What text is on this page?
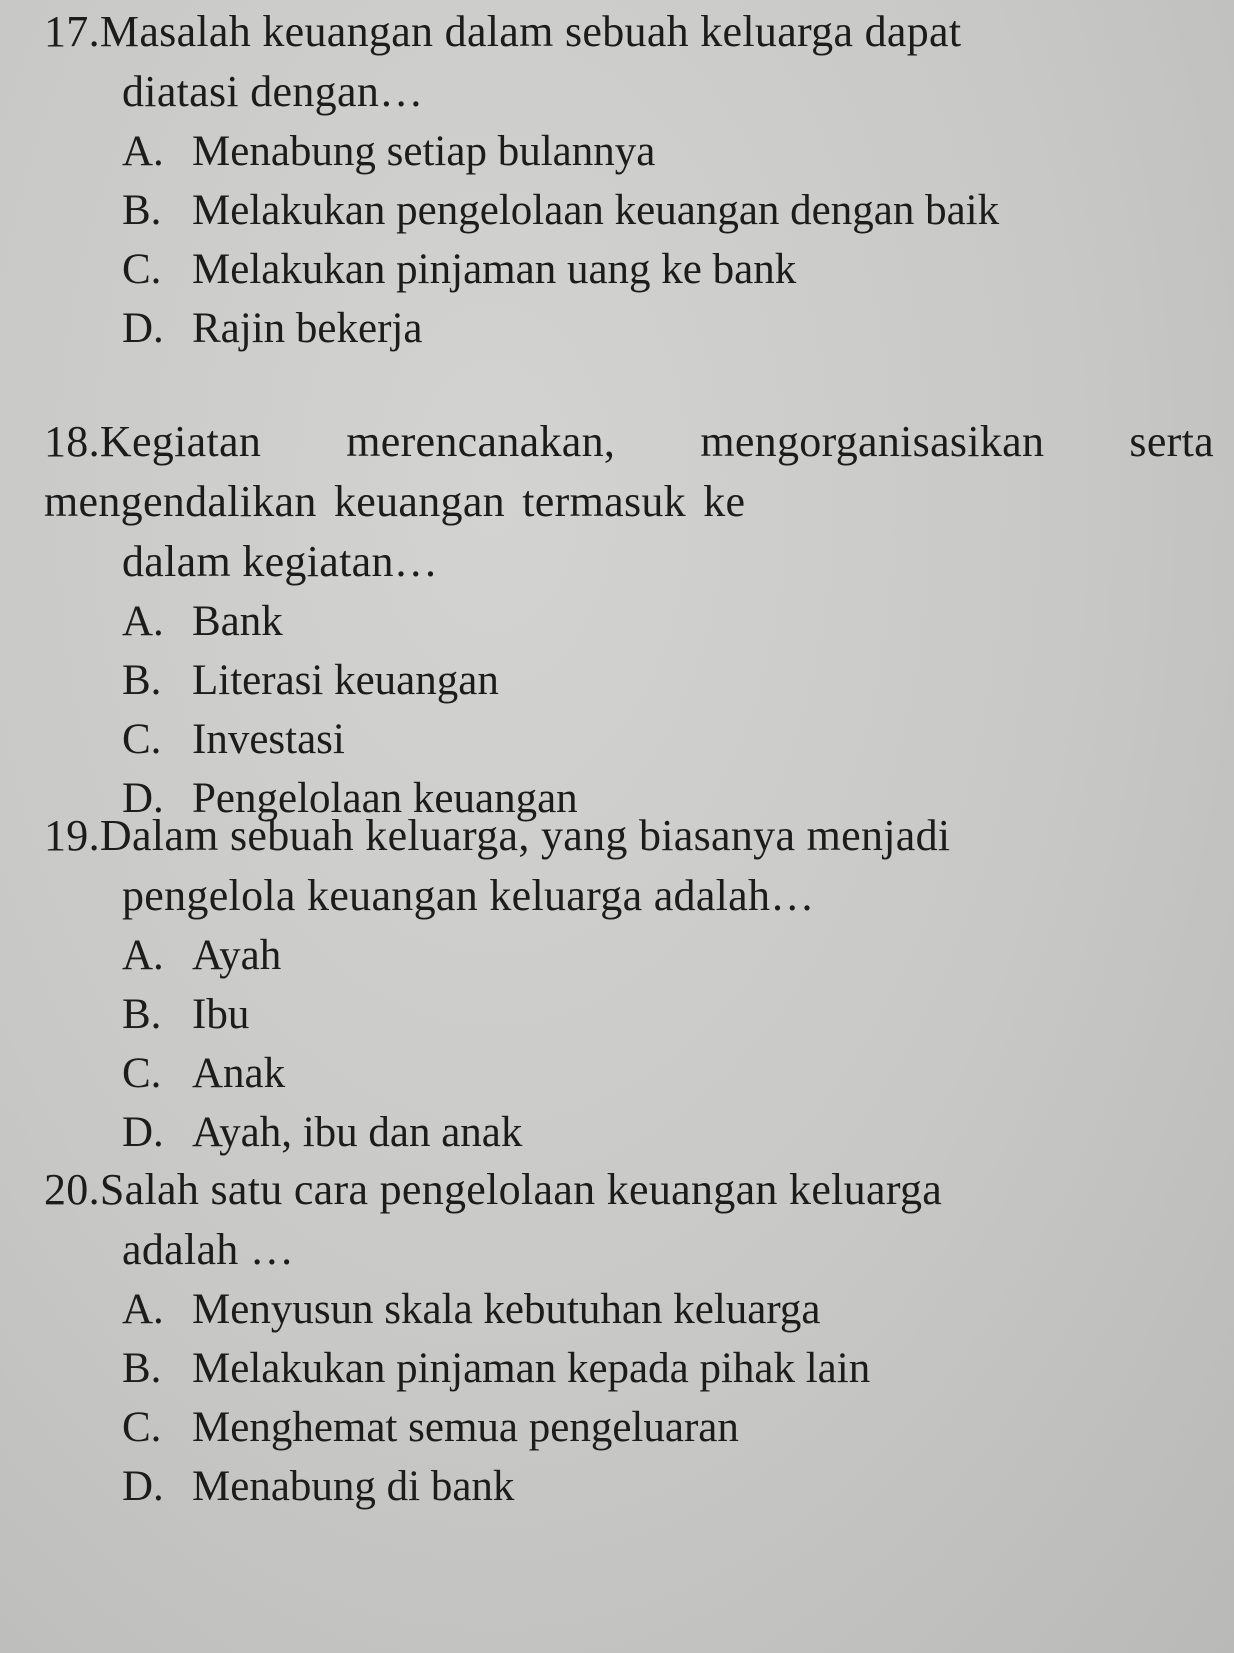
17.Masalah keuangan dalam sebuah keluarga dapat
diatasi dengan…

A. Menabung setiap bulannya
B. Melakukan pengelolaan keuangan dengan baik
C. Melakukan pinjaman uang ke bank
D. Rajin bekerja

18.Kegiatan merencanakan, mengorganisasikan serta mengendalikan keuangan termasuk ke
dalam kegiatan…

A. Bank
B. Literasi keuangan
C. Investasi
D. Pengelolaan keuangan

19.Dalam sebuah keluarga, yang biasanya menjadi
pengelola keuangan keluarga adalah…

A. Ayah
B. Ibu
C. Anak
D. Ayah, ibu dan anak

20.Salah satu cara pengelolaan keuangan keluarga
adalah …

A. Menyusun skala kebutuhan keluarga
B. Melakukan pinjaman kepada pihak lain
C. Menghemat semua pengeluaran
D. Menabung di bank
